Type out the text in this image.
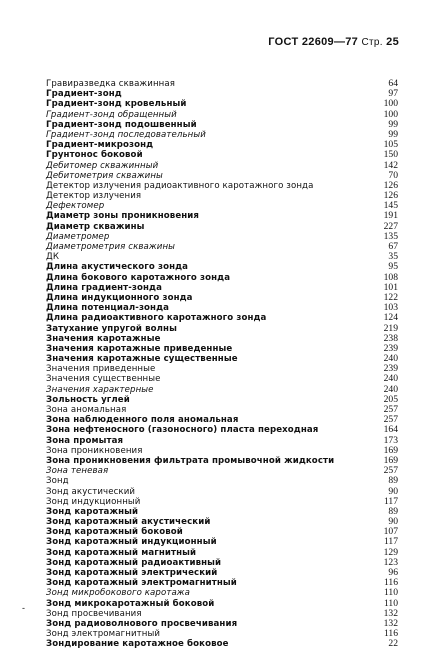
ГОСТ 22609—77 Стр. 25
Гравиразведка скважинная	64
Градиент-зонд	97
Градиент-зонд кровельный	100
Градиент-зонд обращенный	100
Градиент-зонд подошвенный	99
Градиент-зонд последовательный	99
Градиент-микрозонд	105
Грунтонос боковой	150
Дебитомер скважинный	142
Дебитометрия скважины	70
Детектор излучения радиоактивного каротажного зонда	126
Детектор излучения	126
Дефектомер	145
Диаметр зоны проникновения	191
Диаметр скважины	227
Диаметромер	135
Диаметрометрия скважины	67
ДК	35
Длина акустического зонда	95
Длина бокового каротажного зонда	108
Длина градиент-зонда	101
Длина индукционного зонда	122
Длина потенциал-зонда	103
Длина радиоактивного каротажного зонда	124
Затухание упругой волны	219
Значения каротажные	238
Значения каротажные приведенные	239
Значения каротажные существенные	240
Значения приведенные	239
Значения существенные	240
Значения характерные	240
Зольность углей	205
Зона аномальная	257
Зона наблюденного поля аномальная	257
Зона нефтеносного (газоносного) пласта переходная	164
Зона промытая	173
Зона проникновения	169
Зона проникновения фильтрата промывочной жидкости	169
Зона теневая	257
Зонд	89
Зонд акустический	90
Зонд индукционный	117
Зонд каротажный	89
Зонд каротажный акустический	90
Зонд каротажный боковой	107
Зонд каротажный индукционный	117
Зонд каротажный магнитный	129
Зонд каротажный радиоактивный	123
Зонд каротажный электрический	96
Зонд каротажный электромагнитный	116
Зонд микробокового каротажа	110
Зонд микрокаротажный боковой	110
Зонд просвечивания	132
Зонд радиоволнового просвечивания	132
Зонд электромагнитный	116
Зондирование каротажное боковое	22
-
